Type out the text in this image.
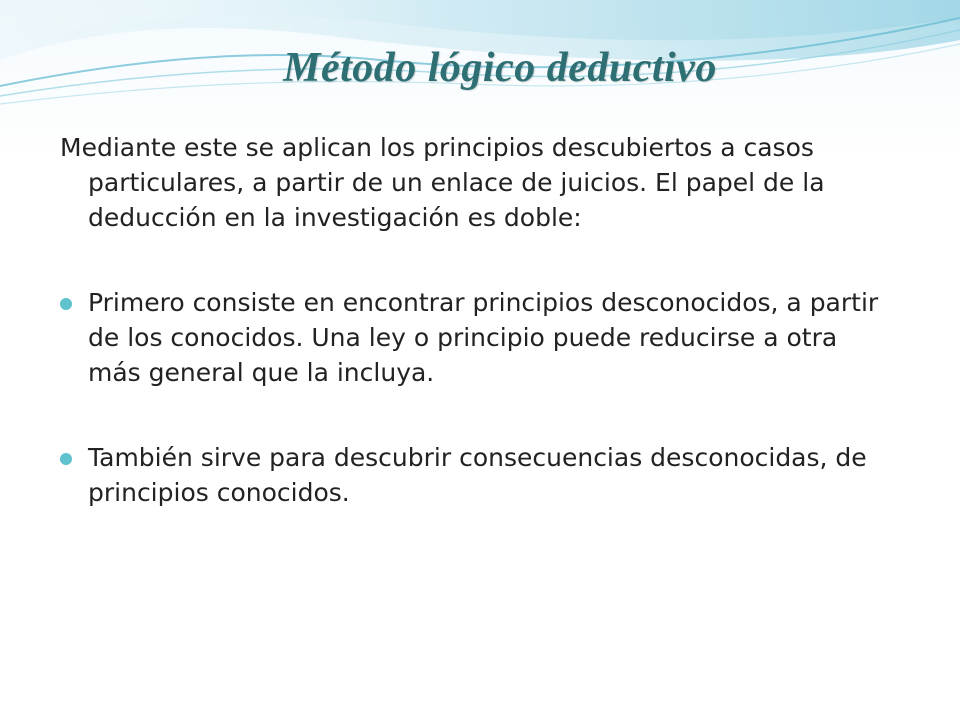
Método lógico deductivo

Mediante este se aplican los principios descubiertos a casos particulares, a partir de un enlace de juicios. El papel de la deducción en la investigación es doble:

Primero consiste en encontrar principios desconocidos, a partir de los conocidos. Una ley o principio puede reducirse a otra más general que la incluya.
También sirve para descubrir consecuencias desconocidas, de principios conocidos.
